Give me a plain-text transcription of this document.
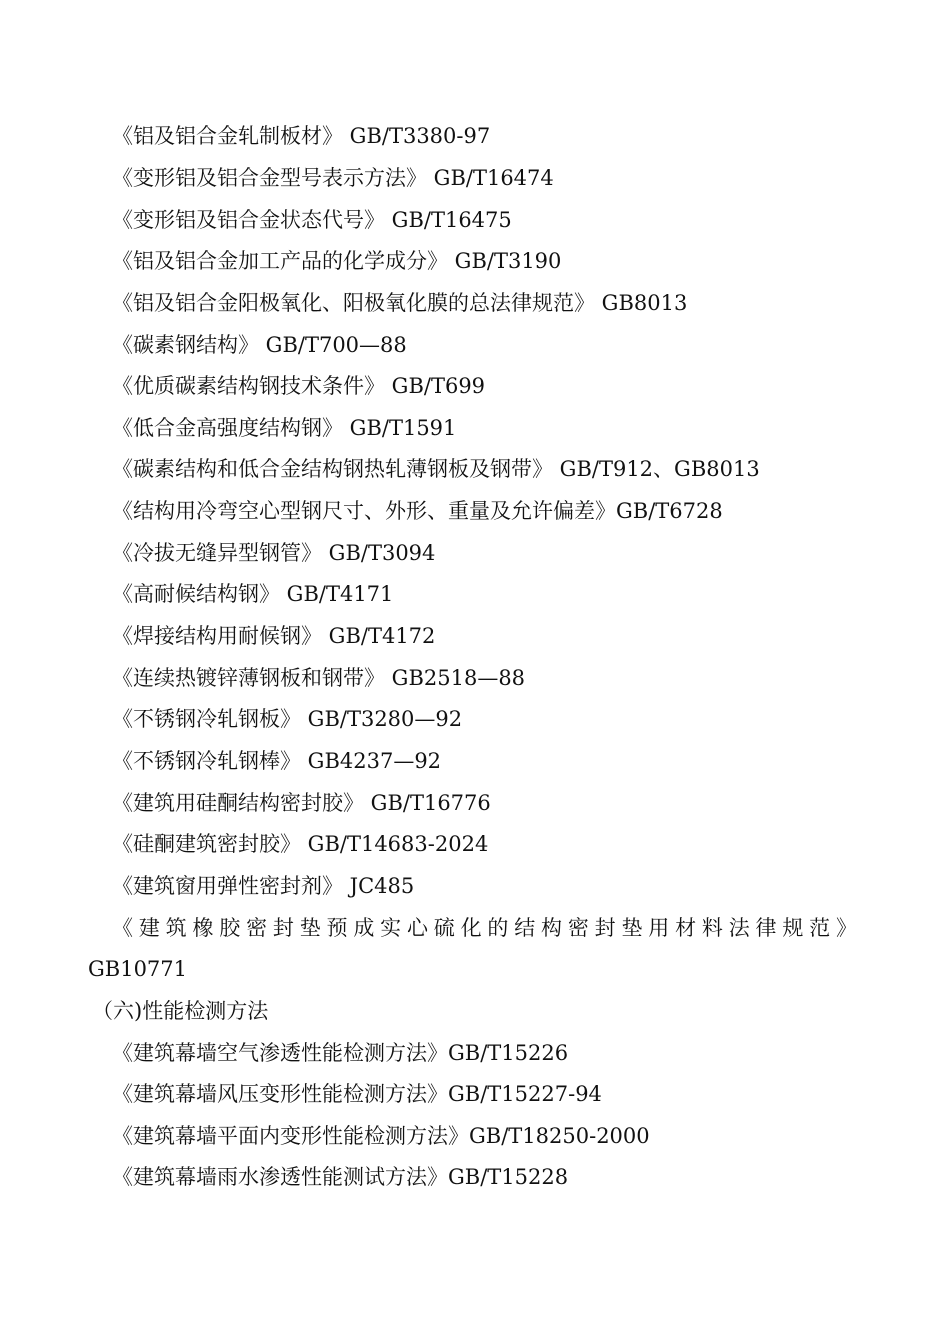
《铝及铝合金轧制板材》 GB/T3380-97
《变形铝及铝合金型号表示方法》 GB/T16474
《变形铝及铝合金状态代号》 GB/T16475
《铝及铝合金加工产品的化学成分》 GB/T3190
《铝及铝合金阳极氧化、阳极氧化膜的总法律规范》 GB8013
《碳素钢结构》 GB/T700—88
《优质碳素结构钢技术条件》 GB/T699
《低合金高强度结构钢》 GB/T1591
《碳素结构和低合金结构钢热轧薄钢板及钢带》 GB/T912、GB8013
《结构用冷弯空心型钢尺寸、外形、重量及允许偏差》GB/T6728
《冷拔无缝异型钢管》 GB/T3094
《高耐候结构钢》 GB/T4171
《焊接结构用耐候钢》 GB/T4172
《连续热镀锌薄钢板和钢带》 GB2518—88
《不锈钢冷轧钢板》 GB/T3280—92
《不锈钢冷轧钢棒》 GB4237—92
《建筑用硅酮结构密封胶》 GB/T16776
《硅酮建筑密封胶》 GB/T14683-2024
《建筑窗用弹性密封剂》 JC485
《建筑橡胶密封垫预成实心硫化的结构密封垫用材料法律规范》
GB10771
（六)性能检测方法
《建筑幕墙空气渗透性能检测方法》GB/T15226
《建筑幕墙风压变形性能检测方法》GB/T15227-94
《建筑幕墙平面内变形性能检测方法》GB/T18250-2000
《建筑幕墙雨水渗透性能测试方法》GB/T15228
